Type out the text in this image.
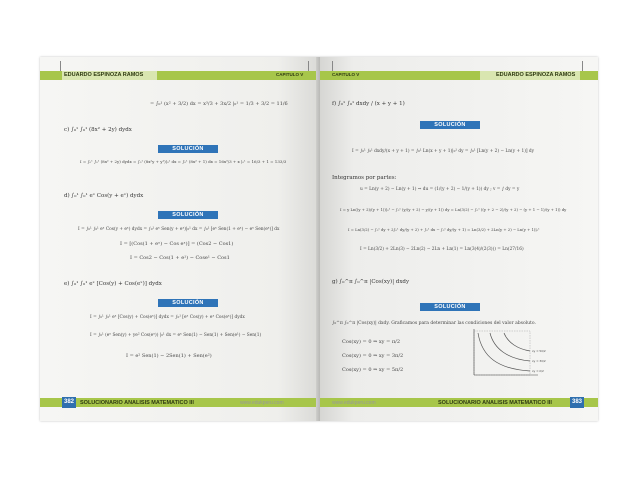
EDUARDO ESPINOZA RAMOS	CAPITULO V
= ∫₀¹ (x² + 3/2) dx = x³/3 + 3x/2 |₀¹ = 1/3 + 3/2 = 11/6
c) ∫₀¹ ∫₀¹ (8x² + 2y) dydx
SOLUCIÓN
I = ∫₀¹ ∫₀¹ (8x² + 2y) dydx = ∫₀¹ (8x²y + y²)|₀¹ dx = ∫₀¹ (8x² + 1) dx = 16x³/3 + x |₀¹ = 16/3 + 1 = 133/3
d) ∫₀¹ ∫₀¹ eˣ Cos(y + eˣ) dydx
SOLUCIÓN
I = ∫₀¹ ∫₀¹ eˣ Cos(y + eˣ) dydx = ∫₀¹ eˣ Sen(y + eˣ)|₀¹ dx = ∫₀¹ [eˣ Sen(1 + eˣ) − eˣ Sen(eˣ)] dx
I = [(Cos(1 + eˣ) − Cos eˣ)] = (Cos2 − Cos1)
I = Cos2 − Cos(1 + e¹) − Cose¹ − Cos1
e) ∫₀¹ ∫₀¹ eˣ [Cos(y) + Cos(eˣ)] dydx
SOLUCIÓN
I = ∫₀¹ ∫₀¹ eˣ [Cos(y) + Cos(eˣ)] dydx = ∫₀¹ [eˣ Cos(y) + eˣ Cos(eˣ)] dydx
I = ∫₀¹ (eˣ Sen(y) + ye² Cos(eˣ)) |₀¹ dx = eˣ Sen(1) − Sen(1) + Sen(e¹) − Sen(1)
I = e² Sen(1) − 2Sen(1) + Sen(e²)
382	SOLUCIONARIO ANALISIS MATEMATICO III	www.edukperu.com
CAPITULO V	EDUARDO ESPINOZA RAMOS
f) ∫₀¹ ∫₀¹ dxdy / (x + y + 1)
SOLUCIÓN
I = ∫₀¹ ∫₀¹ dxdy/(x + y + 1) = ∫₀¹ Ln(x + y + 1)|₀¹ dy = ∫₀¹ [Ln(y + 2) − Ln(y + 1)] dy
Integramos por partes:
u = Ln(y + 2) − Ln(y + 1) ⇒ du = (1/(y + 2) − 1/(y + 1)) dy ; v = ∫ dy = y
I = y Ln((y + 2)/(y + 1))|₀¹ − ∫₀¹ (y/(y + 2) − y/(y + 1)) dy = Ln(3/2) − ∫₀¹ ((y + 2 − 2)/(y + 2) − (y + 1 − 1)/(y + 1)) dy
I = Ln(3/2) − ∫₀¹ dy + 2∫₀¹ dy/(y + 2) + ∫₀¹ dx − ∫₀¹ dy/(y + 1) = Ln(3/2) + 2Ln(y + 2) − Ln(y + 1)|₀¹
I = Ln(3/2) + 2Ln(3) − 2Ln(2) − 2Ln + Ln(1) = Ln(3(4)/(2(3))) = Ln(27/16)
g) ∫₀^π ∫₀^π |Cos(xy)| dxdy
SOLUCIÓN
∫₀^π ∫₀^π |Cos(xy)| dxdy. Graficamos para determinar las condiciones del valor absoluto.
Cos(xy) = 0 ⇒ xy = π/2
Cos(xy) = 0 ⇒ xy = 3π/2
Cos(xy) = 0 ⇒ xy = 5π/2	xy = π/2
xy = 3π/2
xy = 5π/2
www.edukperu.com	SOLUCIONARIO ANALISIS MATEMATICO III	383
